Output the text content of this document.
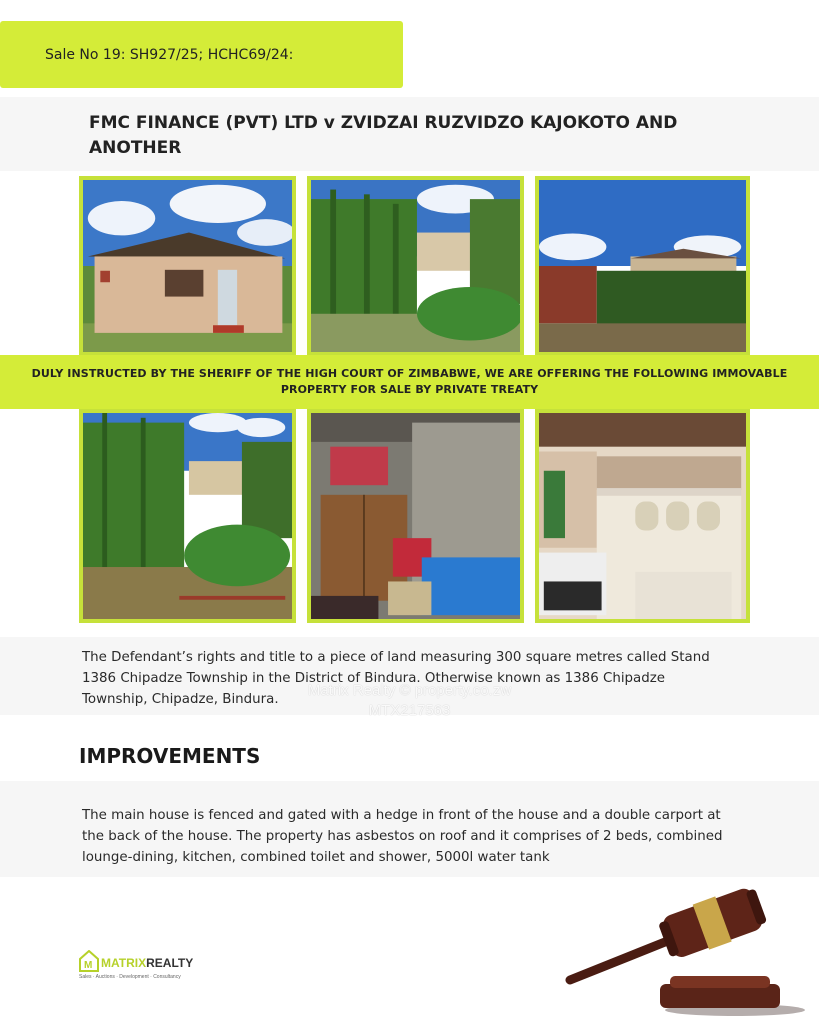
Sale No 19: SH927/25; HCHC69/24:
FMC FINANCE (PVT) LTD v ZVIDZAI RUZVIDZO KAJOKOTO AND ANOTHER
DULY INSTRUCTED BY THE SHERIFF OF THE HIGH COURT OF ZIMBABWE, WE ARE OFFERING THE FOLLOWING IMMOVABLE PROPERTY FOR SALE BY PRIVATE TREATY

The Defendant’s rights and title to a piece of land measuring 300 square metres called Stand 1386 Chipadze Township in the District of Bindura. Otherwise known as 1386 Chipadze Township, Chipadze, Bindura.

Matrix Realty © property.co.zw
MTX217563
IMPROVEMENTS

The main house is fenced and gated with a hedge in front of the house and a double carport at the back of the house. The property has asbestos on roof and it comprises of 2 beds, combined lounge-dining, kitchen, combined toilet and shower, 5000l water tank

M MATRIXREALTY
Sales · Auctions · Development · Consultancy
